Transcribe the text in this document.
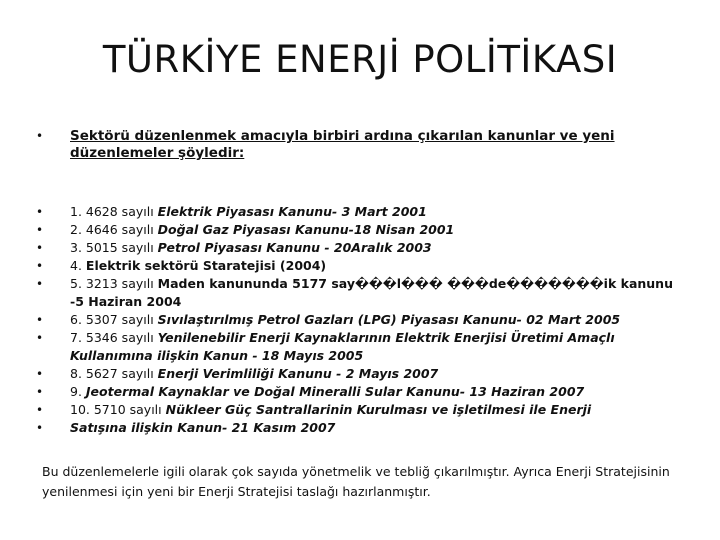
TÜRKİYE ENERJİ POLİTİKASI
•	Sektörü düzenlenmek amacıyla birbiri ardına çıkarılan kanunlar ve yeni düzenlemeler şöyledir:
•	1. 4628 sayılı Elektrik Piyasası Kanunu- 3 Mart 2001
•	2. 4646 sayılı Doğal Gaz Piyasası Kanunu-18 Nisan 2001
•	3. 5015 sayılı Petrol Piyasası Kanunu - 20Aralık 2003
•	4. Elektrik sektörü Staratejisi (2004)
•	5. 3213 sayılı Maden kanununda 5177 say���l��� ���de�������ik kanunu -5 Haziran 2004
•	6. 5307 sayılı Sıvılaştırılmış Petrol Gazları (LPG) Piyasası Kanunu- 02 Mart 2005
•	7. 5346 sayılı Yenilenebilir Enerji Kaynaklarının Elektrik Enerjisi Üretimi Amaçlı Kullanımına ilişkin Kanun - 18 Mayıs 2005
•	8. 5627 sayılı Enerji Verimliliği Kanunu - 2 Mayıs 2007
•	9. Jeotermal Kaynaklar ve Doğal Mineralli Sular Kanunu- 13 Haziran 2007
•	10. 5710 sayılı Nükleer Güç Santrallarinin Kurulması ve işletilmesi ile Enerji
•	Satışına ilişkin Kanun- 21 Kasım 2007
Bu düzenlemelerle igili olarak çok sayıda yönetmelik ve tebliğ çıkarılmıştır. Ayrıca Enerji Stratejisinin yenilenmesi için yeni bir Enerji Stratejisi taslağı hazırlanmıştır.
